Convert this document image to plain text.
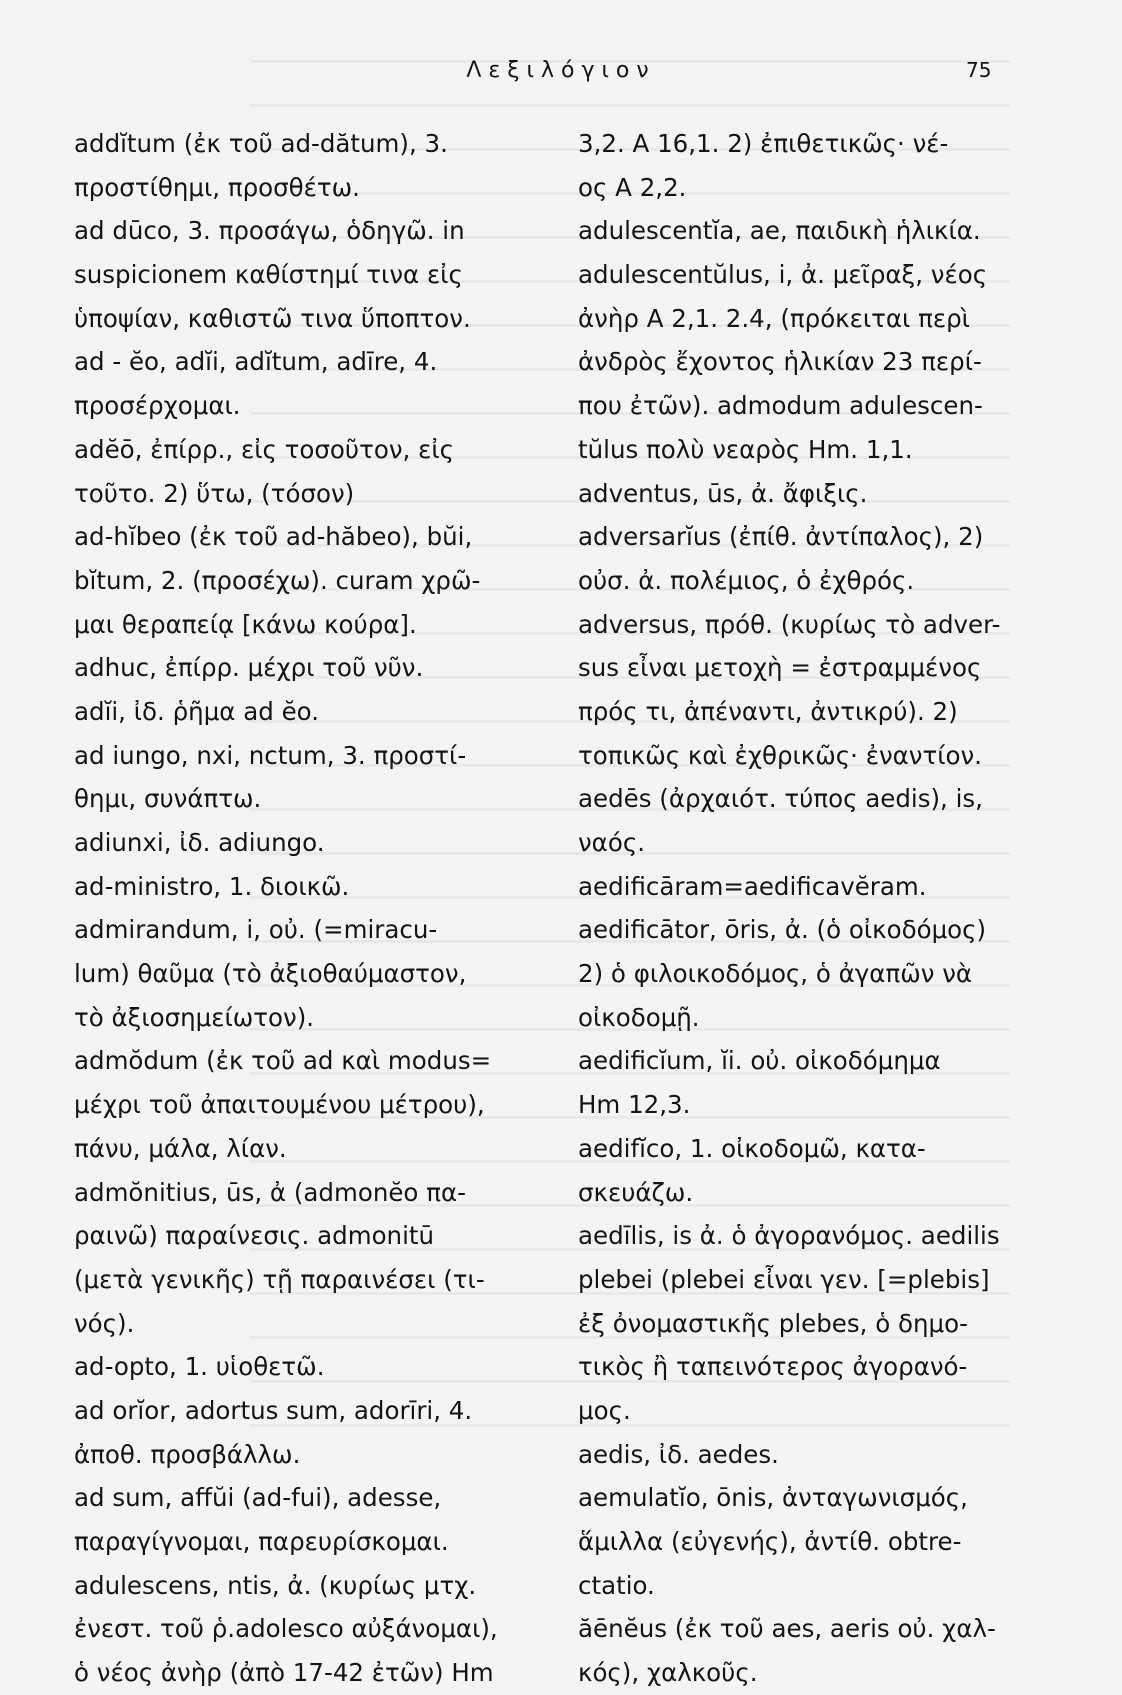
Λεξιλόγιον	75
addĭtum (ἐκ τοῦ ad-dătum), 3.
προστίθημι, προσθέτω.
ad dūco, 3. προσάγω, ὁδηγῶ. in
suspicionem καθίστημί τινα εἰς
ὑποψίαν, καθιστῶ τινα ὕποπτον.
ad - ĕo, adĭi, adĭtum, adīre, 4.
προσέρχομαι.
adĕō, ἐπίρρ., εἰς τοσοῦτον, εἰς
τοῦτο. 2) ὕτω, (τόσον)
ad-hĭbeo (ἐκ τοῦ ad-hăbeo), bŭi,
bĭtum, 2. (προσέχω). curam χρῶ-
μαι θεραπείᾳ [κάνω κούρα].
adhuc, ἐπίρρ. μέχρι τοῦ νῦν.
adĭi, ἰδ. ῥῆμα ad ĕo.
ad iungo, nxi, nctum, 3. προστί-
θημι, συνάπτω.
adiunxi, ἰδ. adiungo.
ad-ministro, 1. διοικῶ.
admirandum, i, οὐ. (=miracu-
lum) θαῦμα (τὸ ἀξιοθαύμαστον,
τὸ ἀξιοσημείωτον).
admŏdum (ἐκ τοῦ ad καὶ modus=
μέχρι τοῦ ἀπαιτουμένου μέτρου),
πάνυ, μάλα, λίαν.
admŏnitius, ūs, ἀ (admonĕo πα-
ραινῶ) παραίνεσις. admonitū
(μετὰ γενικῆς) τῇ παραινέσει (τι-
νός).
ad-opto, 1. υἱοθετῶ.
ad orĭor, adortus sum, adorīri, 4.
ἀποθ. προσβάλλω.
ad sum, affŭi (ad-fui), adesse,
παραγίγνομαι, παρευρίσκομαι.
adulescens, ntis, ἀ. (κυρίως μτχ.
ἐνεστ. τοῦ ῥ.adolesco αὐξάνομαι),
ὁ νέος ἀνὴρ (ἀπὸ 17-42 ἐτῶν) Hm
3,2. A 16,1. 2) ἐπιθετικῶς· νέ-
ος A 2,2.
adulescentĭa, ae, παιδικὴ ἡλικία.
adulescentŭlus, i, ἀ. μεῖραξ, νέος
ἀνὴρ A 2,1. 2.4, (πρόκειται περὶ
ἀνδρὸς ἔχοντος ἡλικίαν 23 περί-
που ἐτῶν). admodum adulescen-
tŭlus πολὺ νεαρὸς Hm. 1,1.
adventus, ūs, ἀ. ἄφιξις.
adversarĭus (ἐπίθ. ἀντίπαλος), 2)
οὐσ. ἀ. πολέμιος, ὁ ἐχθρός.
adversus, πρόθ. (κυρίως τὸ adver-
sus εἶναι μετοχὴ = ἐστραμμένος
πρός τι, ἀπέναντι, ἀντικρύ). 2)
τοπικῶς καὶ ἐχθρικῶς· ἐναντίον.
aedēs (ἀρχαιότ. τύπος aedis), is,
ναός.
aedificāram=aedificavĕram.
aedificātor, ōris, ἀ. (ὁ οἰκοδόμος)
2) ὁ φιλοικοδόμος, ὁ ἀγαπῶν νὰ
οἰκοδομῇ.
aedificĭum, ĭi. οὐ. οἰκοδόμημα
Hm 12,3.
aedifĭco, 1. οἰκοδομῶ, κατα-
σκευάζω.
aedīlis, is ἀ. ὁ ἀγορανόμος. aedilis
plebei (plebei εἶναι γεν. [=plebis]
ἐξ ὀνομαστικῆς plebes, ὁ δημο-
τικὸς ἢ ταπεινότερος ἀγορανό-
μος.
aedis, ἰδ. aedes.
aemulatĭo, ōnis, ἀνταγωνισμός,
ἅμιλλα (εὐγενής), ἀντίθ. obtre-
ctatio.
ăēnĕus (ἐκ τοῦ aes, aeris οὐ. χαλ-
κός), χαλκοῦς.
